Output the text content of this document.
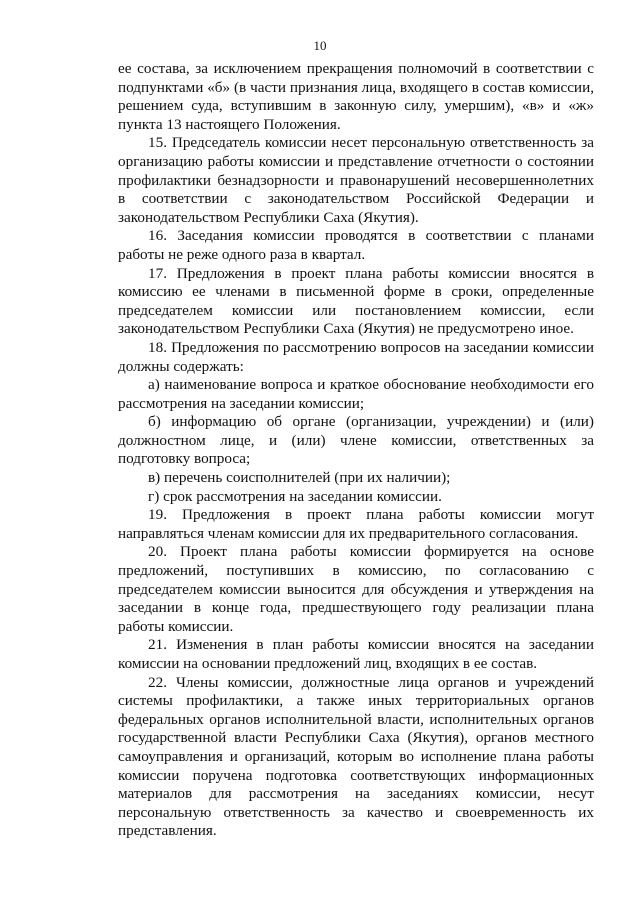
10

ее состава, за исключением прекращения полномочий в соответствии с подпунктами «б» (в части признания лица, входящего в состав комиссии, решением суда, вступившим в законную силу, умершим), «в» и «ж» пункта 13 настоящего Положения.

15. Председатель комиссии несет персональную ответственность за организацию работы комиссии и представление отчетности о состоянии профилактики безнадзорности и правонарушений несовершеннолетних в соответствии с законодательством Российской Федерации и законодательством Республики Саха (Якутия).

16. Заседания комиссии проводятся в соответствии с планами работы не реже одного раза в квартал.

17. Предложения в проект плана работы комиссии вносятся в комиссию ее членами в письменной форме в сроки, определенные председателем комиссии или постановлением комиссии, если законодательством Республики Саха (Якутия) не предусмотрено иное.

18. Предложения по рассмотрению вопросов на заседании комиссии должны содержать:

а) наименование вопроса и краткое обоснование необходимости его рассмотрения на заседании комиссии;

б) информацию об органе (организации, учреждении) и (или) должностном лице, и (или) члене комиссии, ответственных за подготовку вопроса;

в) перечень соисполнителей (при их наличии);

г) срок рассмотрения на заседании комиссии.

19. Предложения в проект плана работы комиссии могут направляться членам комиссии для их предварительного согласования.

20. Проект плана работы комиссии формируется на основе предложений, поступивших в комиссию, по согласованию с председателем комиссии выносится для обсуждения и утверждения на заседании в конце года, предшествующего году реализации плана работы комиссии.

21. Изменения в план работы комиссии вносятся на заседании комиссии на основании предложений лиц, входящих в ее состав.

22. Члены комиссии, должностные лица органов и учреждений системы профилактики, а также иных территориальных органов федеральных органов исполнительной власти, исполнительных органов государственной власти Республики Саха (Якутия), органов местного самоуправления и организаций, которым во исполнение плана работы комиссии поручена подготовка соответствующих информационных материалов для рассмотрения на заседаниях комиссии, несут персональную ответственность за качество и своевременность их представления.
